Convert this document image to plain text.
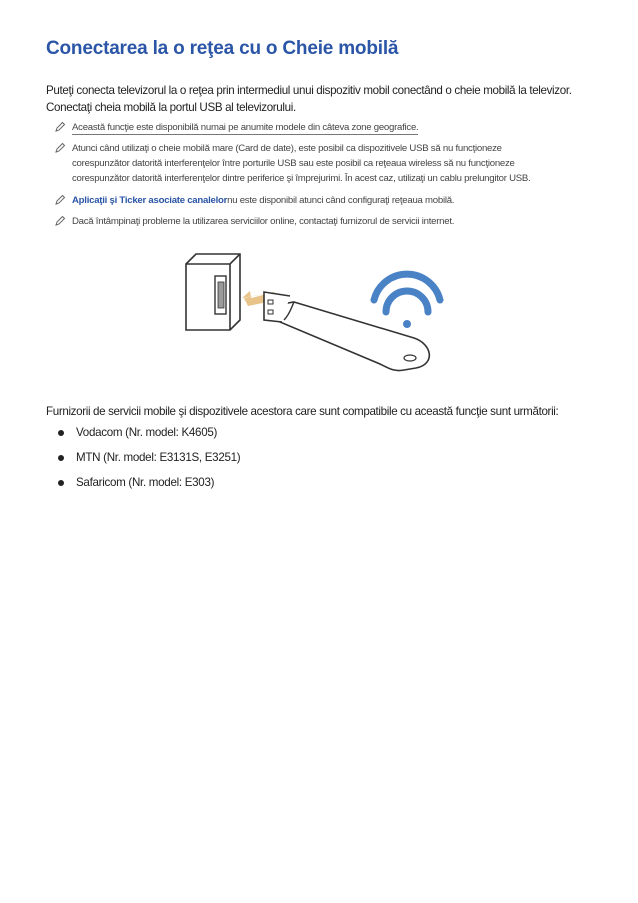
Conectarea la o reţea cu o Cheie mobilă

Puteţi conecta televizorul la o reţea prin intermediul unui dispozitiv mobil conectând o cheie mobilă la televizor.

Conectaţi cheia mobilă la portul USB al televizorului.

Această funcţie este disponibilă numai pe anumite modele din câteva zone geografice.
Atunci când utilizaţi o cheie mobilă mare (Card de date), este posibil ca dispozitivele USB să nu funcţioneze
corespunzător datorită interferenţelor între porturile USB sau este posibil ca reţeaua wireless să nu funcţioneze
corespunzător datorită interferenţelor dintre periferice şi împrejurimi. În acest caz, utilizaţi un cablu prelungitor USB.
Aplicaţii şi Ticker asociate canalelornu este disponibil atunci când configuraţi reţeaua mobilă.
Dacă întâmpinaţi probleme la utilizarea serviciilor online, contactaţi furnizorul de servicii internet.
Furnizorii de servicii mobile şi dispozitivele acestora care sunt compatibile cu această funcţie sunt următorii:
Vodacom (Nr. model: K4605)
MTN (Nr. model: E3131S, E3251)
Safaricom (Nr. model: E303)
